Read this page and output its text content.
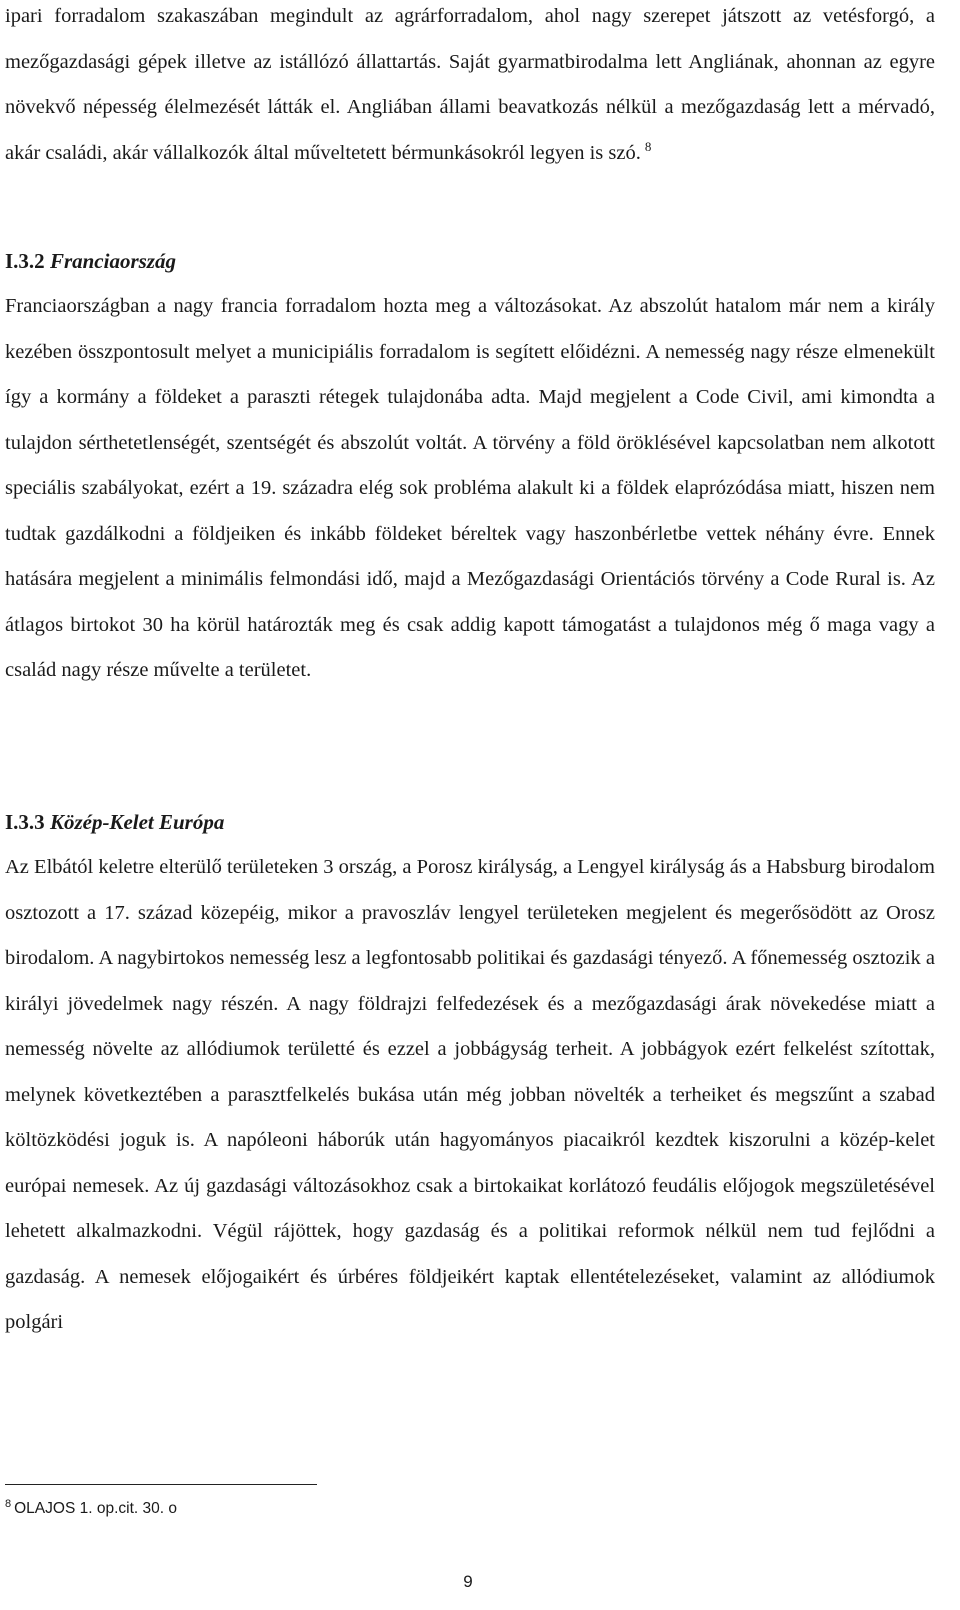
ipari forradalom szakaszában megindult az agrárforradalom, ahol nagy szerepet játszott az vetésforgó, a mezőgazdasági gépek illetve az istállózó állattartás. Saját gyarmatbirodalma lett Angliának, ahonnan az egyre növekvő népesség élelmezését látták el. Angliában állami beavatkozás nélkül a mezőgazdaság lett a mérvadó, akár családi, akár vállalkozók által műveltetett bérmunkásokról legyen is szó. $^8$

I.3.2 Franciaország

Franciaországban a nagy francia forradalom hozta meg a változásokat. Az abszolút hatalom már nem a király kezében összpontosult melyet a municipiális forradalom is segített előidézni. A nemesség nagy része elmenekült így a kormány a földeket a paraszti rétegek tulajdonába adta. Majd megjelent a Code Civil, ami kimondta a tulajdon sérthetetlenségét, szentségét és abszolút voltát. A törvény a föld öröklésével kapcsolatban nem alkotott speciális szabályokat, ezért a 19. századra elég sok probléma alakult ki a földek elaprózódása miatt, hiszen nem tudtak gazdálkodni a földjeiken és inkább földeket béreltek vagy haszonbérletbe vettek néhány évre. Ennek hatására megjelent a minimális felmondási idő, majd a Mezőgazdasági Orientációs törvény a Code Rural is. Az átlagos birtokot 30 ha körül határozták meg és csak addig kapott támogatást a tulajdonos még ő maga vagy a család nagy része művelte a területet.

I.3.3 Közép-Kelet Európa

Az Elbától keletre elterülő területeken 3 ország, a Porosz királyság, a Lengyel királyság ás a Habsburg birodalom osztozott a 17. század közepéig, mikor a pravoszláv lengyel területeken megjelent és megerősödött az Orosz birodalom. A nagybirtokos nemesség lesz a legfontosabb politikai és gazdasági tényező. A főnemesség osztozik a királyi jövedelmek nagy részén. A nagy földrajzi felfedezések és a mezőgazdasági árak növekedése miatt a nemesség növelte az allódiumok területté és ezzel a jobbágyság terheit. A jobbágyok ezért felkelést szítottak, melynek következtében a parasztfelkelés bukása után még jobban növelték a terheiket és megszűnt a szabad költözködési joguk is. A napóleoni háborúk után hagyományos piacaikról kezdtek kiszorulni a közép-kelet európai nemesek. Az új gazdasági változásokhoz csak a birtokaikat korlátozó feudális előjogok megszületésével lehetett alkalmazkodni. Végül rájöttek, hogy gazdaság és a politikai reformok nélkül nem tud fejlődni a gazdaság. A nemesek előjogaikért és úrbéres földjeikért kaptak ellentételezéseket, valamint az allódiumok polgári

$^8$ OLAJOS 1. op.cit. 30. o
9
